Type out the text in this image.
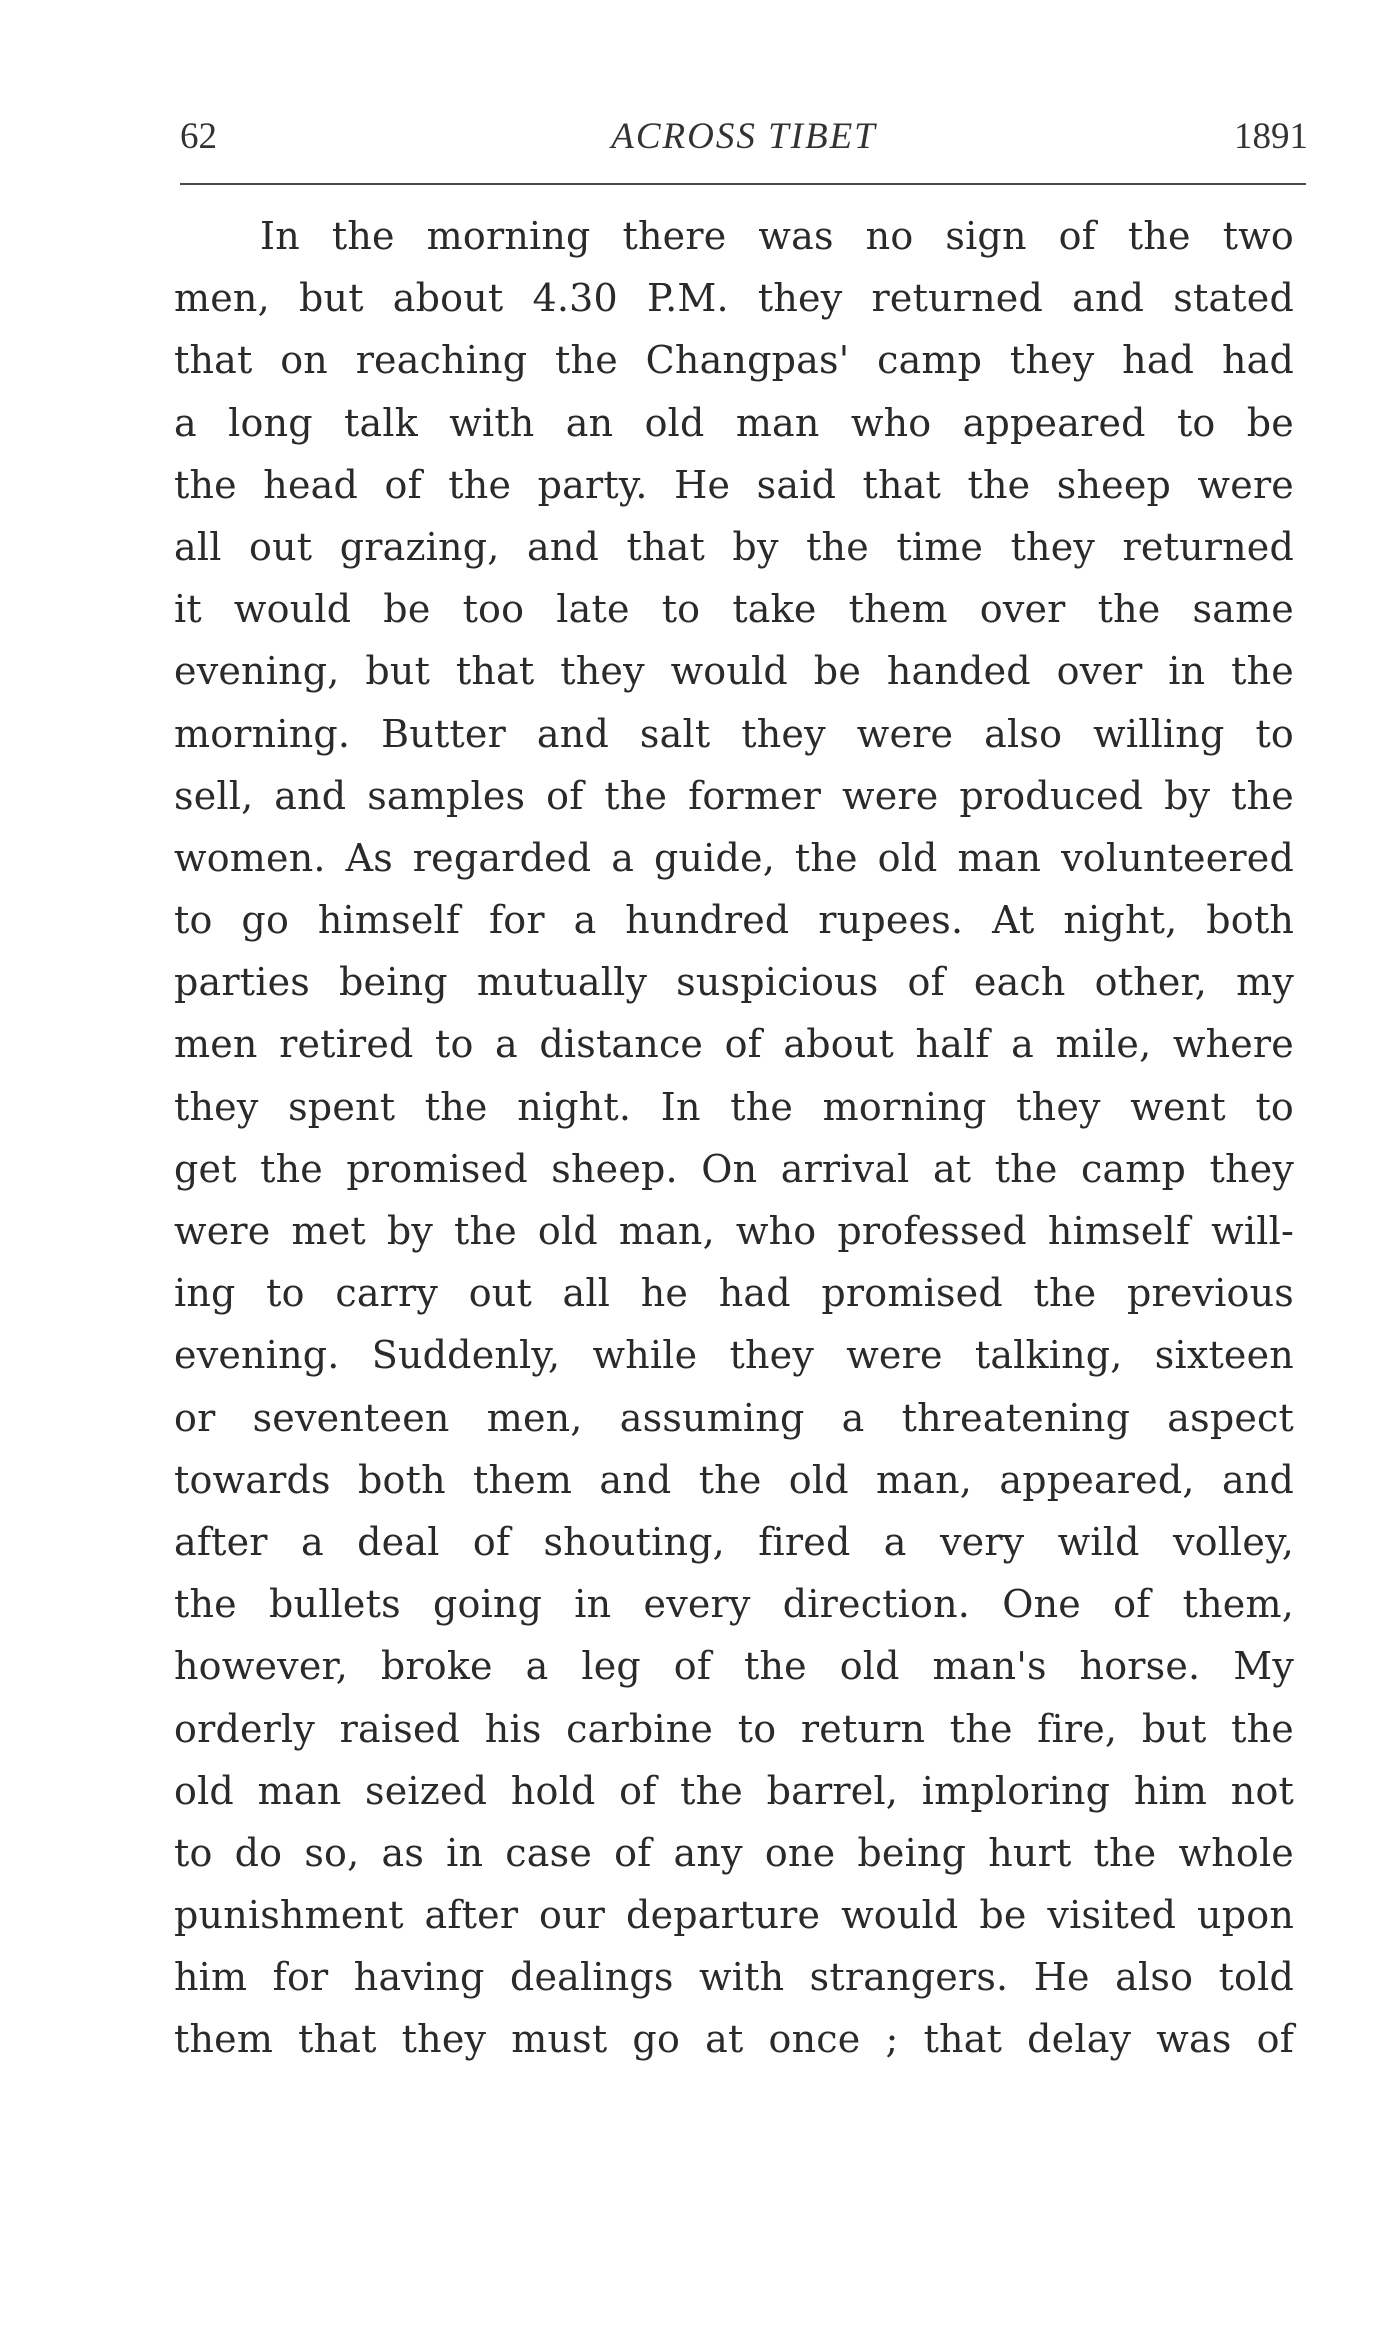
62	ACROSS TIBET	1891
In the morning there was no sign of the two
men, but about 4.30 P.M. they returned and stated
that on reaching the Changpas' camp they had had
a long talk with an old man who appeared to be
the head of the party. He said that the sheep were
all out grazing, and that by the time they returned
it would be too late to take them over the same
evening, but that they would be handed over in the
morning. Butter and salt they were also willing to
sell, and samples of the former were produced by the
women. As regarded a guide, the old man volunteered
to go himself for a hundred rupees. At night, both
parties being mutually suspicious of each other, my
men retired to a distance of about half a mile, where
they spent the night. In the morning they went to
get the promised sheep. On arrival at the camp they
were met by the old man, who professed himself will-
ing to carry out all he had promised the previous
evening. Suddenly, while they were talking, sixteen
or seventeen men, assuming a threatening aspect
towards both them and the old man, appeared, and
after a deal of shouting, fired a very wild volley,
the bullets going in every direction. One of them,
however, broke a leg of the old man's horse. My
orderly raised his carbine to return the fire, but the
old man seized hold of the barrel, imploring him not
to do so, as in case of any one being hurt the whole
punishment after our departure would be visited upon
him for having dealings with strangers. He also told
them that they must go at once ; that delay was of
